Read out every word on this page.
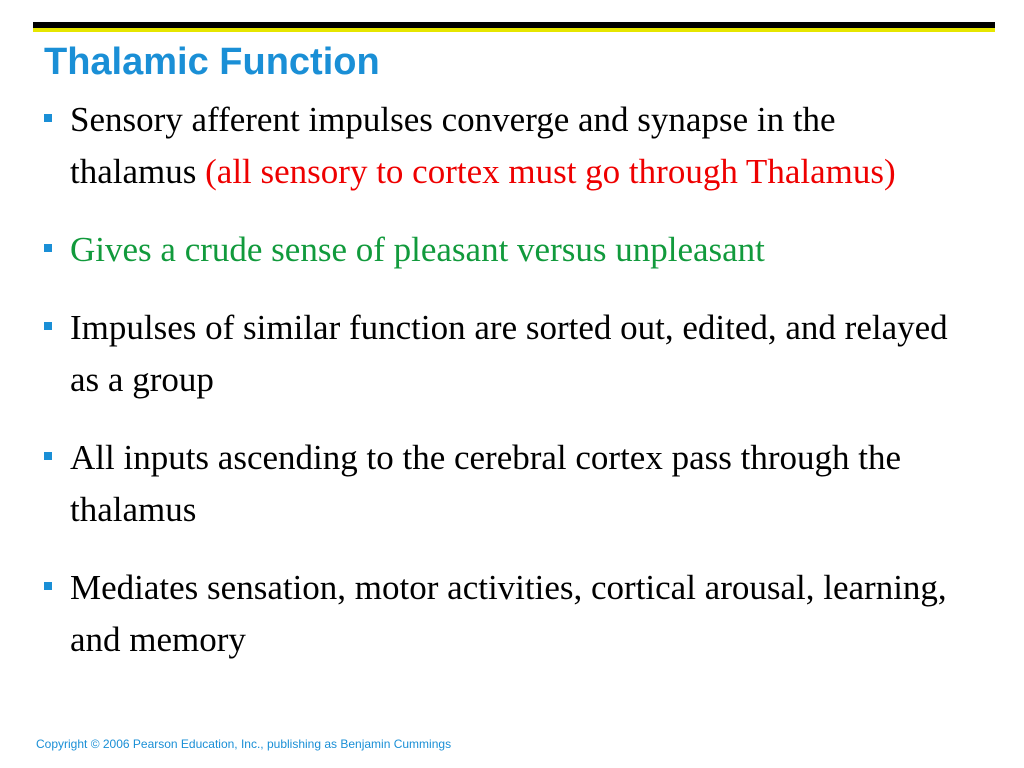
Thalamic Function
Sensory afferent impulses converge and synapse in the thalamus (all sensory to cortex must go through Thalamus)
Gives a crude sense of pleasant versus unpleasant
Impulses of similar function are sorted out, edited, and relayed as a group
All inputs ascending to the cerebral cortex pass through the thalamus
Mediates sensation, motor activities, cortical arousal, learning, and memory
Copyright © 2006 Pearson Education, Inc., publishing as Benjamin Cummings
